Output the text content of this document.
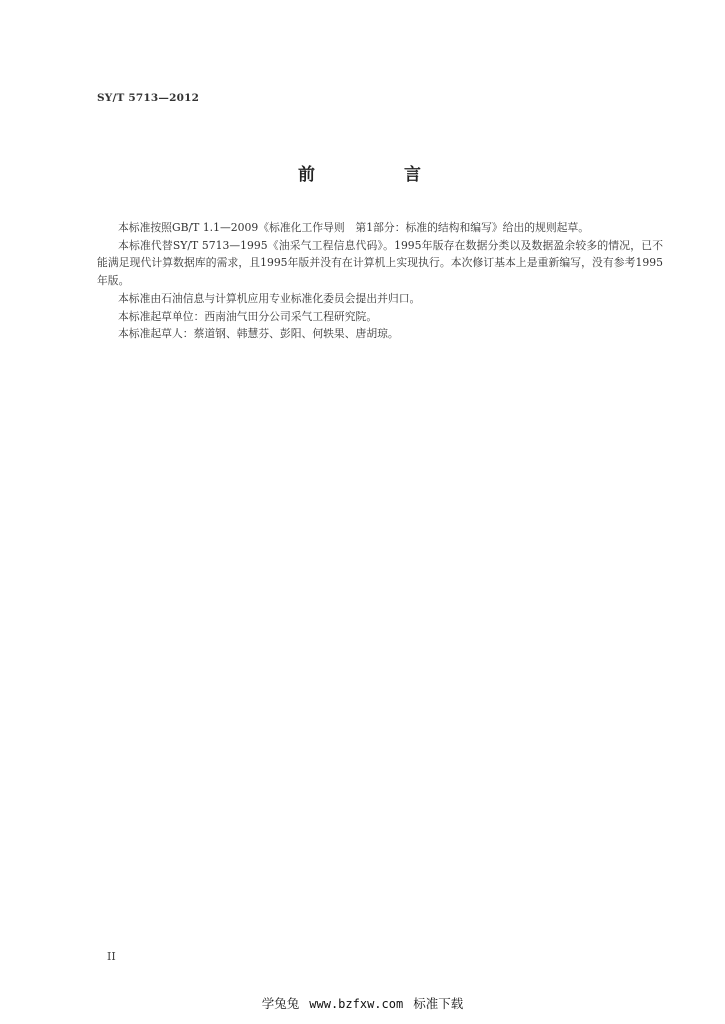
SY/T 5713—2012
前　言

本标准按照GB/T 1.1—2009《标准化工作导则　第1部分：标准的结构和编写》给出的规则起草。

本标准代替SY/T 5713—1995《油采气工程信息代码》。1995年版存在数据分类以及数据盈余较多的情况，已不能满足现代计算数据库的需求，且1995年版并没有在计算机上实现执行。本次修订基本上是重新编写，没有参考1995年版。

本标准由石油信息与计算机应用专业标准化委员会提出并归口。

本标准起草单位：西南油气田分公司采气工程研究院。

本标准起草人：蔡道钢、韩慧芬、彭阳、何轶果、唐胡琼。

II
学兔兔 www.bzfxw.com 标准下载
